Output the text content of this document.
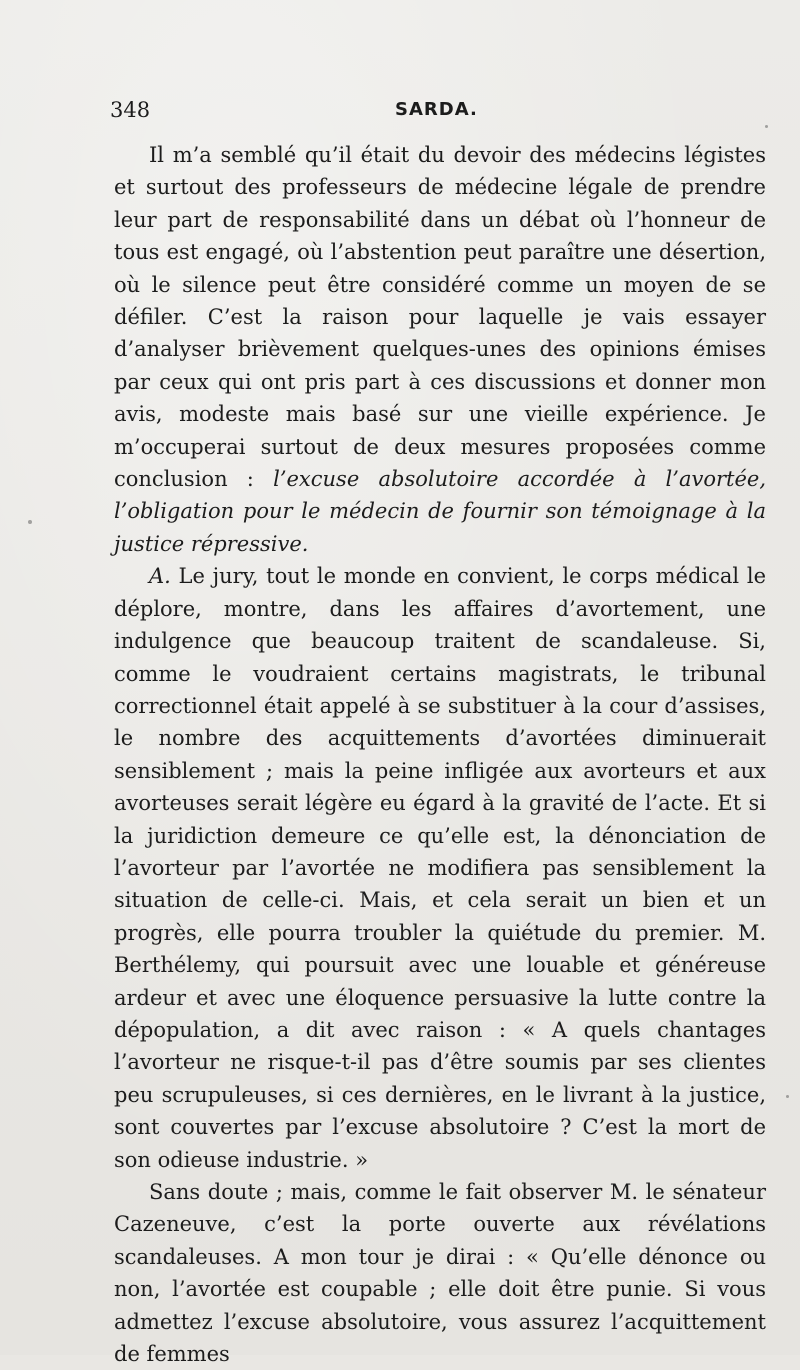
348	SARDA.

Il m’a semblé qu’il était du devoir des médecins légistes et surtout des professeurs de médecine légale de prendre leur part de responsabilité dans un débat où l’honneur de tous est engagé, où l’abstention peut paraître une désertion, où le silence peut être considéré comme un moyen de se défiler. C’est la raison pour laquelle je vais essayer d’analyser brièvement quelques-unes des opinions émises par ceux qui ont pris part à ces discussions et donner mon avis, modeste mais basé sur une vieille expérience. Je m’occuperai surtout de deux mesures proposées comme conclusion : l’excuse absolutoire accordée à l’avortée, l’obligation pour le médecin de fournir son témoignage à la justice répressive.

A. Le jury, tout le monde en convient, le corps médical le déplore, montre, dans les affaires d’avortement, une indulgence que beaucoup traitent de scandaleuse. Si, comme le voudraient certains magistrats, le tribunal correctionnel était appelé à se substituer à la cour d’assises, le nombre des acquittements d’avortées diminuerait sensiblement ; mais la peine infligée aux avorteurs et aux avorteuses serait légère eu égard à la gravité de l’acte. Et si la juridiction demeure ce qu’elle est, la dénonciation de l’avorteur par l’avortée ne modifiera pas sensiblement la situation de celle-ci. Mais, et cela serait un bien et un progrès, elle pourra troubler la quiétude du premier. M. Berthélemy, qui poursuit avec une louable et généreuse ardeur et avec une éloquence persuasive la lutte contre la dépopulation, a dit avec raison : « A quels chantages l’avorteur ne risque-t-il pas d’être soumis par ses clientes peu scrupuleuses, si ces dernières, en le livrant à la justice, sont couvertes par l’excuse absolutoire ? C’est la mort de son odieuse industrie. »

Sans doute ; mais, comme le fait observer M. le sénateur Cazeneuve, c’est la porte ouverte aux révélations scandaleuses. A mon tour je dirai : « Qu’elle dénonce ou non, l’avortée est coupable ; elle doit être punie. Si vous admettez l’excuse absolutoire, vous assurez l’acquittement de femmes
